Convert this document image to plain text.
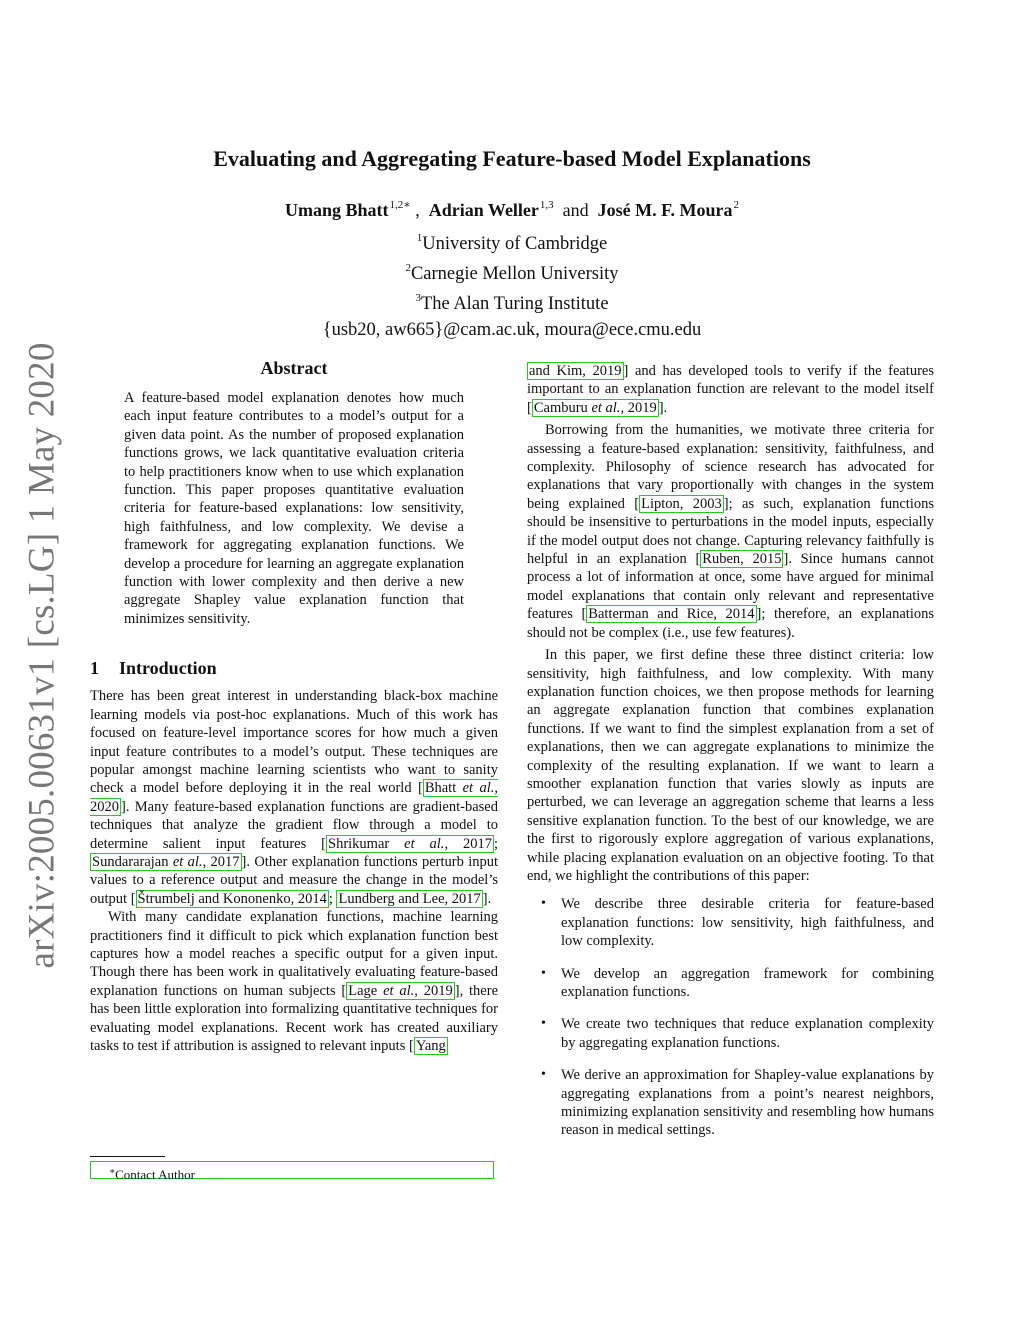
arXiv:2005.00631v1 [cs.LG] 1 May 2020
Evaluating and Aggregating Feature-based Model Explanations
Umang Bhatt$^{1,2∗}$ , Adrian Weller$^{1,3}$ and José M. F. Moura$^2$
$^1$University of Cambridge
$^2$Carnegie Mellon University
$^3$The Alan Turing Institute
{usb20, aw665}@cam.ac.uk, moura@ece.cmu.edu
Abstract
A feature-based model explanation denotes how much each input feature contributes to a model’s output for a given data point. As the number of proposed explanation functions grows, we lack quantitative evaluation criteria to help practitioners know when to use which explanation function. This paper proposes quantitative evaluation criteria for feature-based explanations: low sensitivity, high faithfulness, and low complexity. We devise a framework for aggregating explanation functions. We develop a procedure for learning an aggregate explanation function with lower complexity and then derive a new aggregate Shapley value explanation function that minimizes sensitivity.
1 Introduction

There has been great interest in understanding black-box machine learning models via post-hoc explanations. Much of this work has focused on feature-level importance scores for how much a given input feature contributes to a model’s output. These techniques are popular amongst machine learning scientists who want to sanity check a model before deploying it in the real world [ Bhatt et al., 2020 ]. Many feature-based explanation functions are gradient-based techniques that analyze the gradient flow through a model to determine salient input features [ Shrikumar et al., 2017 ; Sundararajan et al., 2017 ]. Other explanation functions perturb input values to a reference output and measure the change in the model’s output [ Štrumbelj and Kononenko, 2014 ; Lundberg and Lee, 2017 ].

With many candidate explanation functions, machine learning practitioners find it difficult to pick which explanation function best captures how a model reaches a specific output for a given input. Though there has been work in qualitatively evaluating feature-based explanation functions on human subjects [ Lage et al., 2019 ], there has been little exploration into formalizing quantitative techniques for evaluating model explanations. Recent work has created auxiliary tasks to test if attribution is assigned to relevant inputs [ Yang

∗Contact Author

and Kim, 2019 ] and has developed tools to verify if the features important to an explanation function are relevant to the model itself [ Camburu et al., 2019 ].

Borrowing from the humanities, we motivate three criteria for assessing a feature-based explanation: sensitivity, faithfulness, and complexity. Philosophy of science research has advocated for explanations that vary proportionally with changes in the system being explained [ Lipton, 2003 ]; as such, explanation functions should be insensitive to perturbations in the model inputs, especially if the model output does not change. Capturing relevancy faithfully is helpful in an explanation [ Ruben, 2015 ]. Since humans cannot process a lot of information at once, some have argued for minimal model explanations that contain only relevant and representative features [ Batterman and Rice, 2014 ]; therefore, an explanations should not be complex (i.e., use few features).

In this paper, we first define these three distinct criteria: low sensitivity, high faithfulness, and low complexity. With many explanation function choices, we then propose methods for learning an aggregate explanation function that combines explanation functions. If we want to find the simplest explanation from a set of explanations, then we can aggregate explanations to minimize the complexity of the resulting explanation. If we want to learn a smoother explanation function that varies slowly as inputs are perturbed, we can leverage an aggregation scheme that learns a less sensitive explanation function. To the best of our knowledge, we are the first to rigorously explore aggregation of various explanations, while placing explanation evaluation on an objective footing. To that end, we highlight the contributions of this paper:

• We describe three desirable criteria for feature-based explanation functions: low sensitivity, high faithfulness, and low complexity.
• We develop an aggregation framework for combining explanation functions.
• We create two techniques that reduce explanation complexity by aggregating explanation functions.
• We derive an approximation for Shapley-value explanations by aggregating explanations from a point’s nearest neighbors, minimizing explanation sensitivity and resembling how humans reason in medical settings.
